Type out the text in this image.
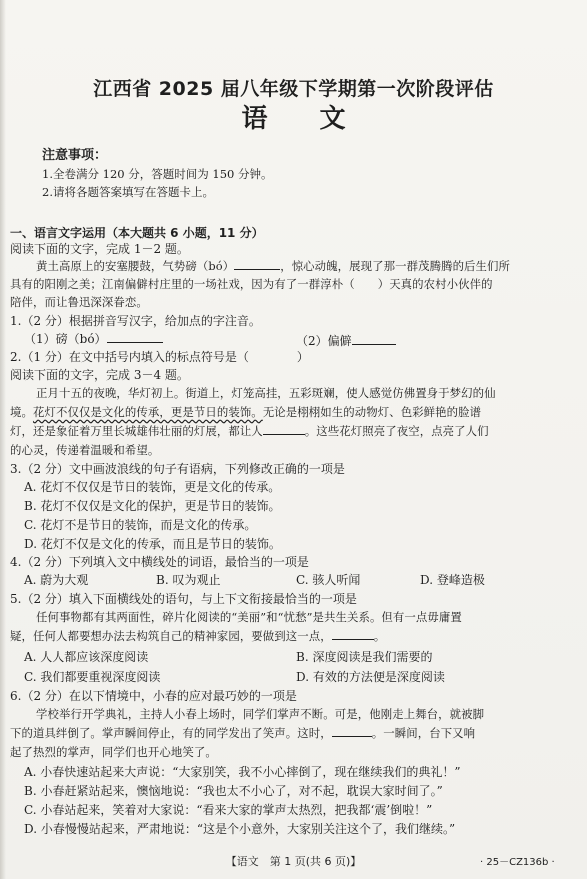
江西省 2025 届八年级下学期第一次阶段评估
语 文
注意事项：
1.全卷满分 120 分，答题时间为 150 分钟。
2.请将各题答案填写在答题卡上。
一、语言文字运用（本大题共 6 小题，11 分）
阅读下面的文字，完成 1－2 题。
黄土高原上的安塞腰鼓，气势磅（bó）	，惊心动魄，展现了那一群茂腾腾的后生们所
具有的阳刚之美；江南偏僻村庄里的一场社戏，因为有了一群淳朴（　　）天真的农村小伙伴的
陪伴，而让鲁迅深深眷恋。
1.（2 分）根据拼音写汉字，给加点的字注音。
（1）磅（bó）	（2）偏僻
2.（1 分）在文中括号内填入的标点符号是（　　　　）
阅读下面的文字，完成 3－4 题。
正月十五的夜晚，华灯初上。街道上，灯笼高挂，五彩斑斓，使人感觉仿佛置身于梦幻的仙
境。花灯不仅仅是文化的传承，更是节日的装饰。无论是栩栩如生的动物灯、色彩鲜艳的脸谱
灯，还是象征着万里长城雄伟壮丽的灯展，都让人	。这些花灯照亮了夜空，点亮了人们
的心灵，传递着温暖和希望。
3.（2 分）文中画波浪线的句子有语病，下列修改正确的一项是
A. 花灯不仅仅是节日的装饰，更是文化的传承。
B. 花灯不仅仅是文化的保护，更是节日的装饰。
C. 花灯不是节日的装饰，而是文化的传承。
D. 花灯不仅是文化的传承，而且是节日的装饰。
4.（2 分）下列填入文中横线处的词语，最恰当的一项是
A. 蔚为大观	B. 叹为观止	C. 骇人听闻	D. 登峰造极
5.（2 分）填入下面横线处的语句，与上下文衔接最恰当的一项是
任何事物都有其两面性，碎片化阅读的“美丽”和“忧愁”是共生关系。但有一点毋庸置
疑，任何人都要想办法去构筑自己的精神家园，要做到这一点，	。
A. 人人都应该深度阅读	B. 深度阅读是我们需要的
C. 我们都要重视深度阅读	D. 有效的方法便是深度阅读
6.（2 分）在以下情境中，小春的应对最巧妙的一项是
学校举行开学典礼，主持人小春上场时，同学们掌声不断。可是，他刚走上舞台，就被脚
下的道具绊倒了。掌声瞬间停止，有的同学发出了笑声。这时，	。一瞬间，台下又响
起了热烈的掌声，同学们也开心地笑了。
A. 小春快速站起来大声说：“大家别笑，我不小心摔倒了，现在继续我们的典礼！”
B. 小春赶紧站起来，懊恼地说：“我也太不小心了，对不起，耽误大家时间了。”
C. 小春站起来，笑着对大家说：“看来大家的掌声太热烈，把我都‘震’倒啦！”
D. 小春慢慢站起来，严肃地说：“这是个小意外，大家别关注这个了，我们继续。”
【语文　第 1 页(共 6 页)】	· 25－CZ136b ·
